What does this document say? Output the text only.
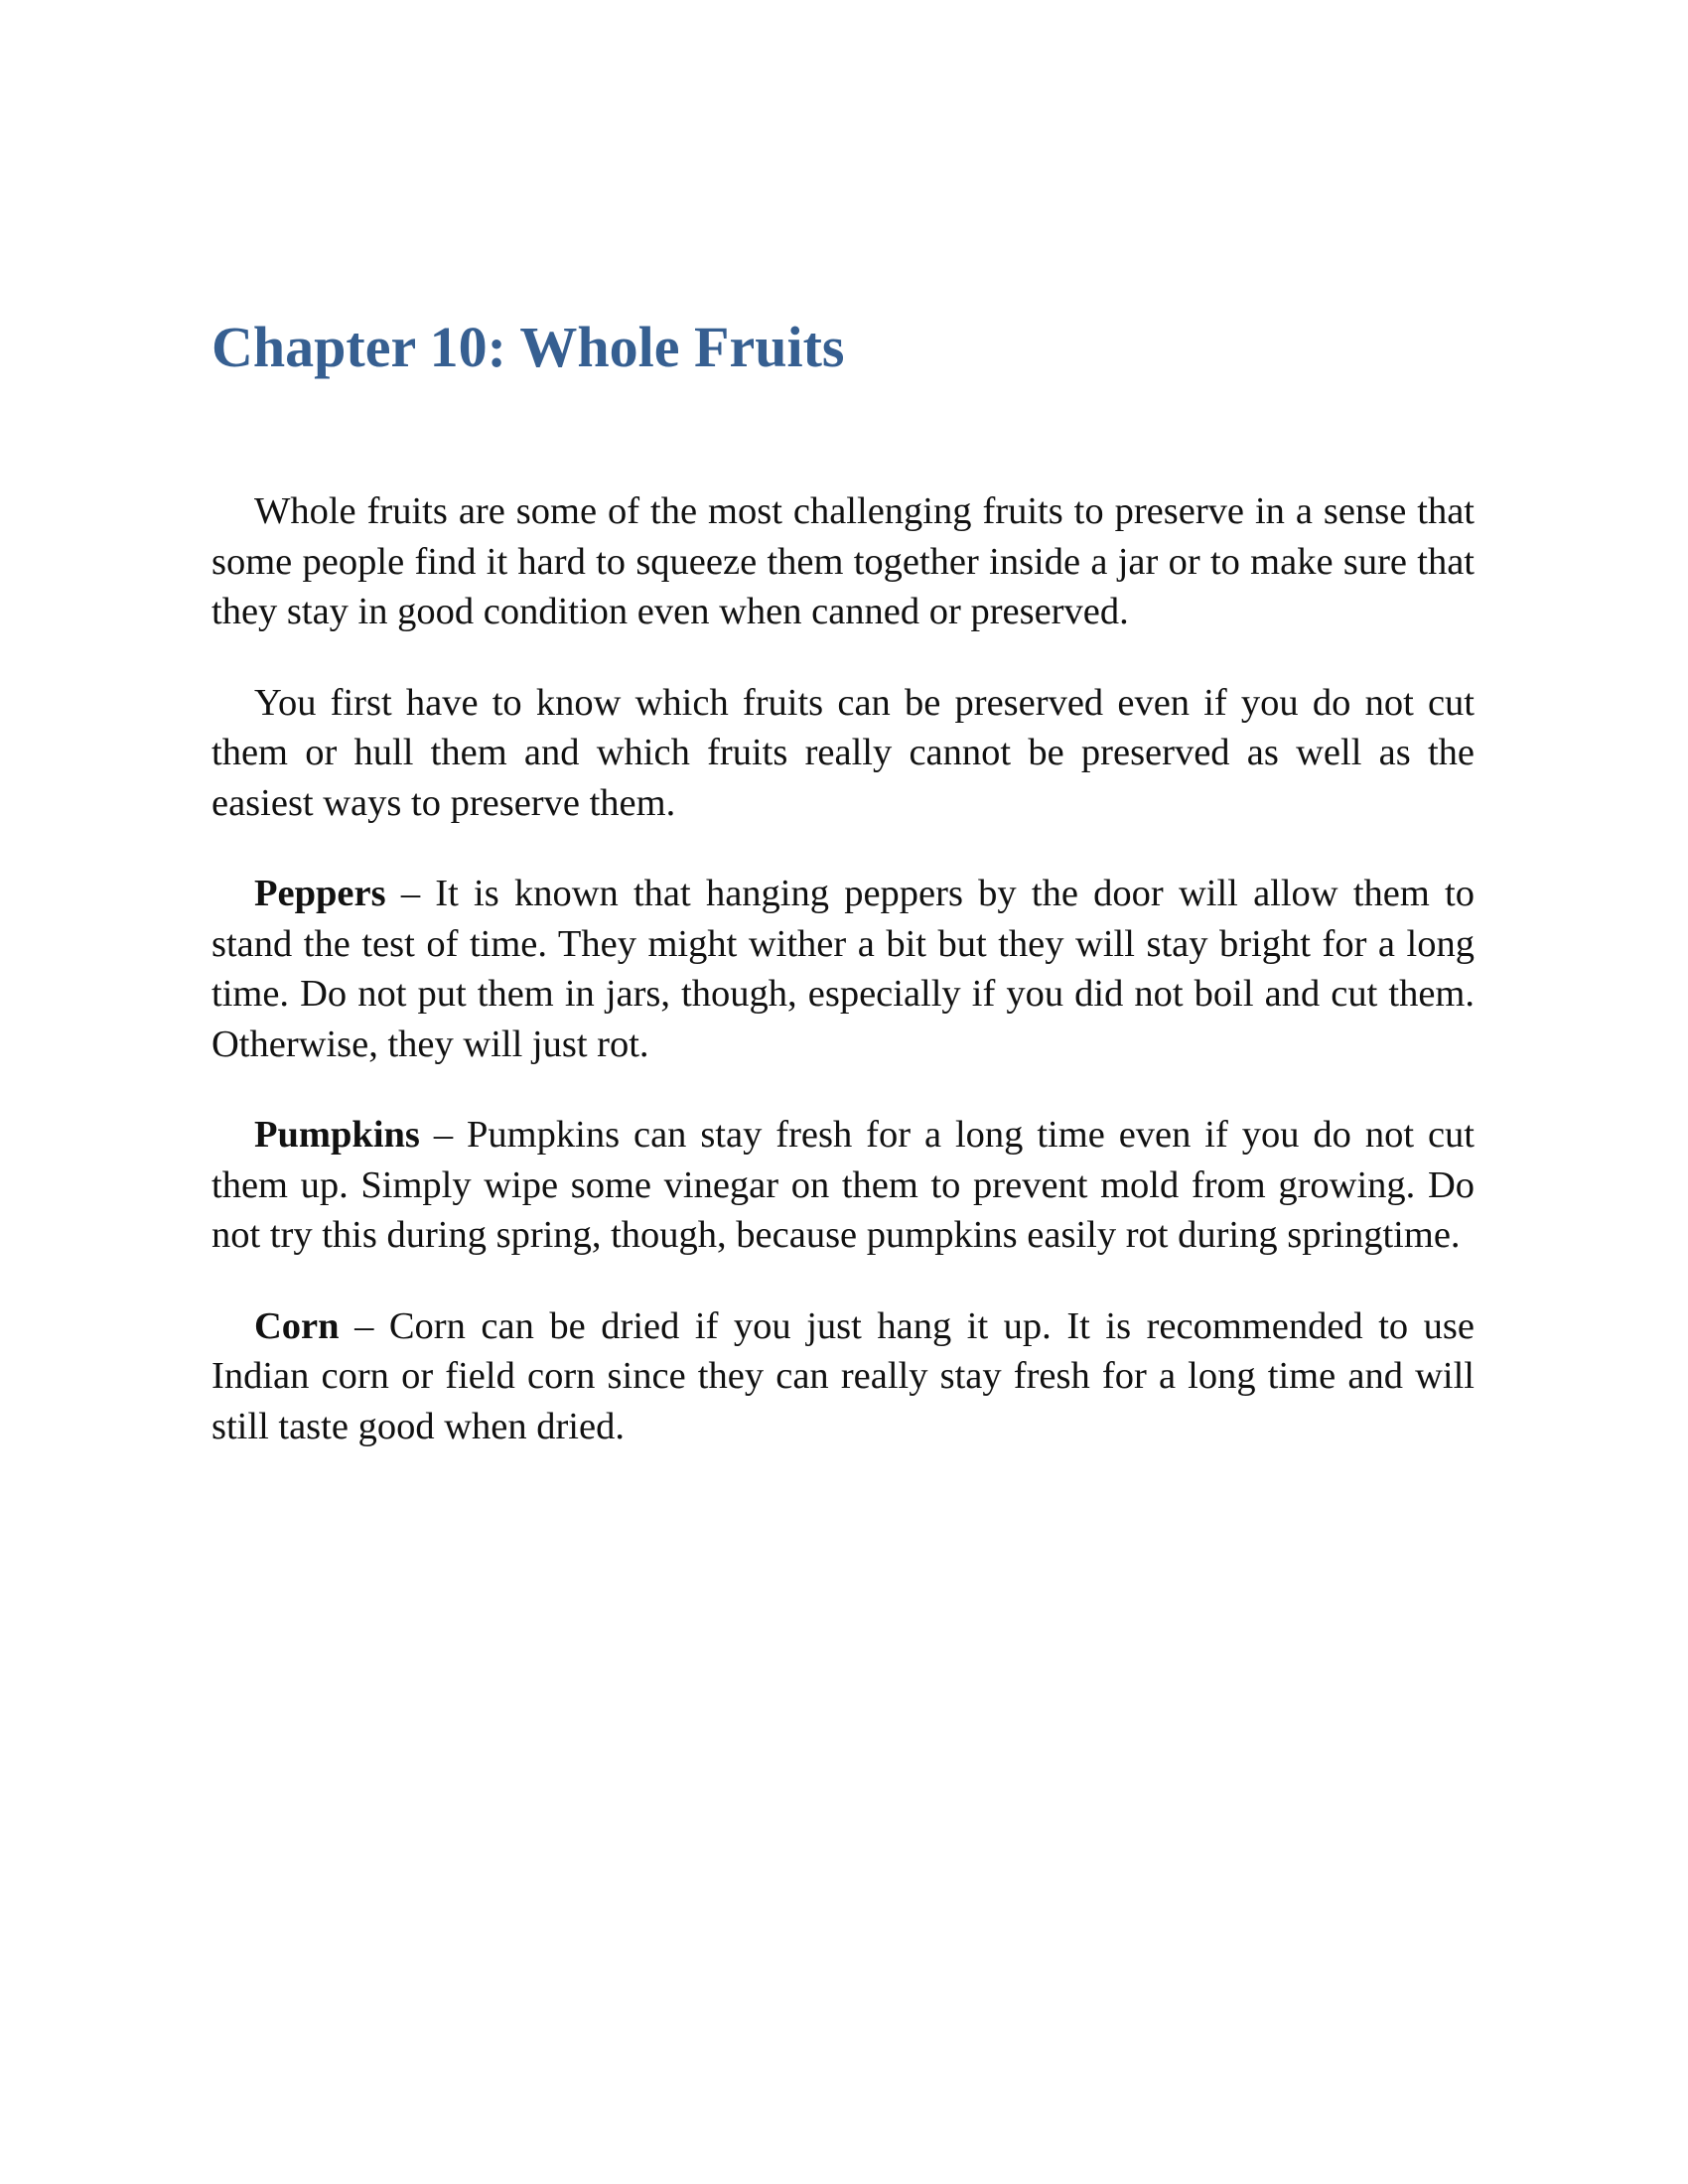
Chapter 10: Whole Fruits

Whole fruits are some of the most challenging fruits to preserve in a sense that some people find it hard to squeeze them together inside a jar or to make sure that they stay in good condition even when canned or preserved.

You first have to know which fruits can be preserved even if you do not cut them or hull them and which fruits really cannot be preserved as well as the easiest ways to preserve them.

Peppers – It is known that hanging peppers by the door will allow them to stand the test of time. They might wither a bit but they will stay bright for a long time. Do not put them in jars, though, especially if you did not boil and cut them. Otherwise, they will just rot.

Pumpkins – Pumpkins can stay fresh for a long time even if you do not cut them up. Simply wipe some vinegar on them to prevent mold from growing. Do not try this during spring, though, because pumpkins easily rot during springtime.

Corn – Corn can be dried if you just hang it up. It is recommended to use Indian corn or field corn since they can really stay fresh for a long time and will still taste good when dried.
